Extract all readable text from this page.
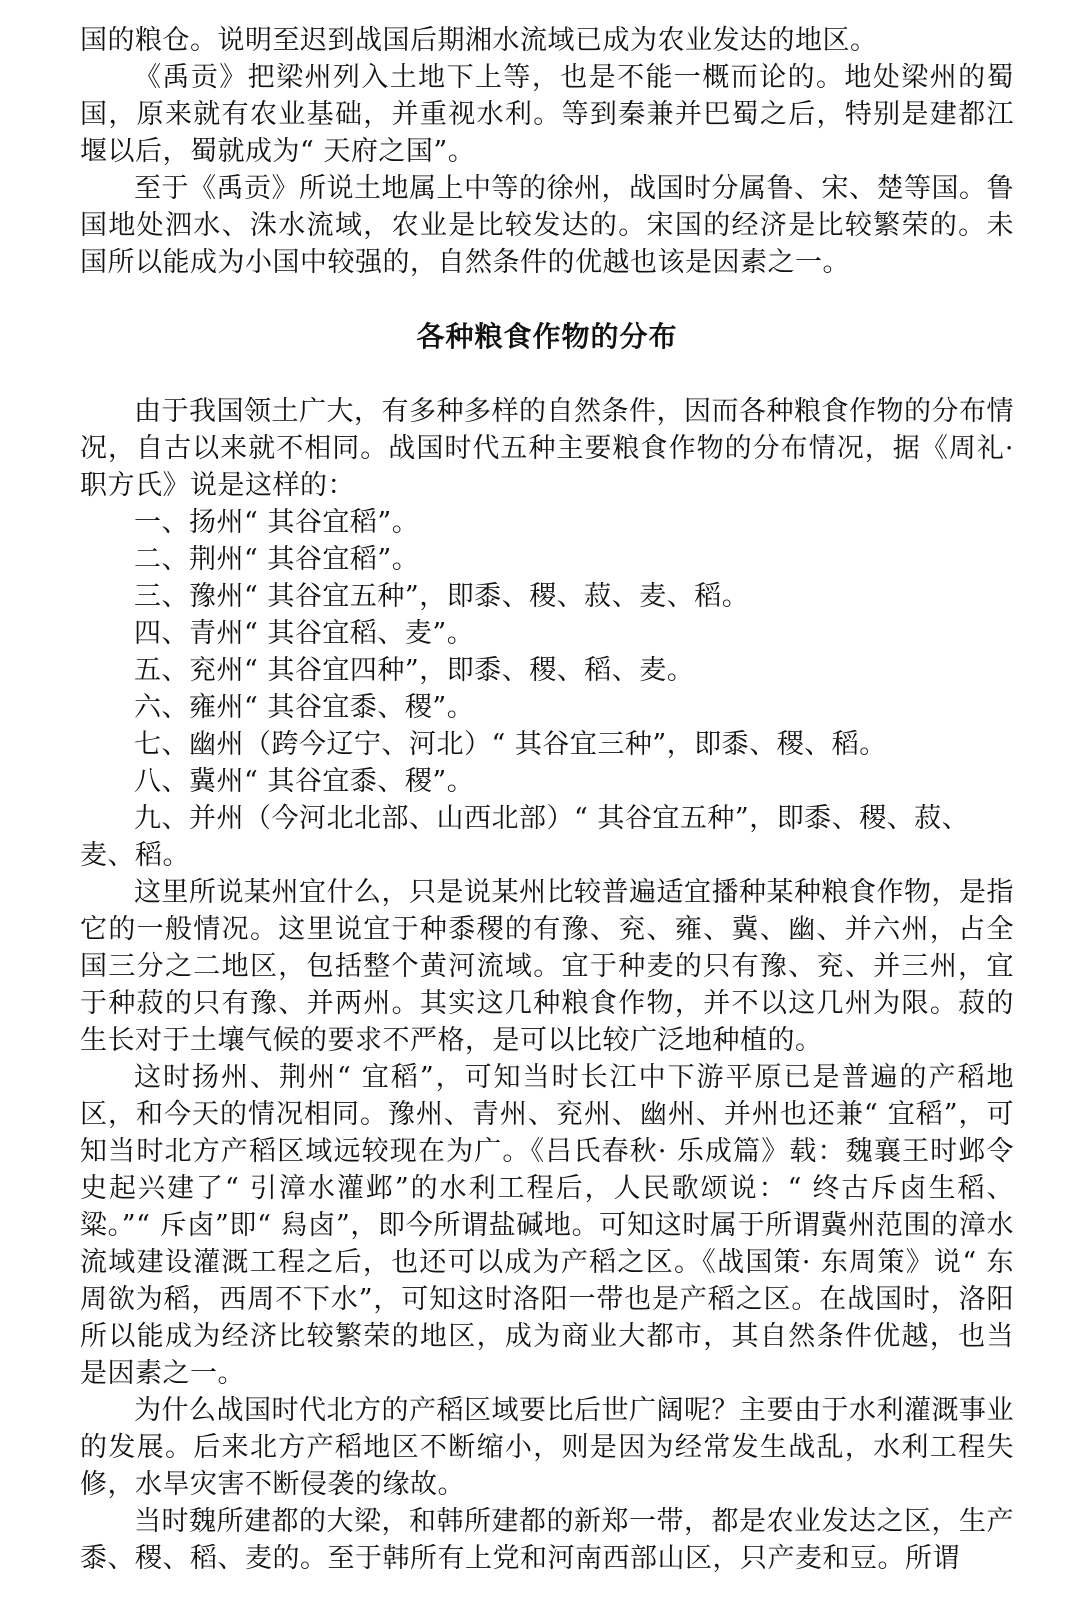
国的粮仓。说明至迟到战国后期湘水流域已成为农业发达的地区。

《禹贡》把梁州列入土地下上等，也是不能一概而论的。地处梁州的蜀国，原来就有农业基础，并重视水利。等到秦兼并巴蜀之后，特别是建都江堰以后，蜀就成为“ 天府之国”。

至于《禹贡》所说土地属上中等的徐州，战国时分属鲁、宋、楚等国。鲁国地处泗水、洙水流域，农业是比较发达的。宋国的经济是比较繁荣的。未国所以能成为小国中较强的，自然条件的优越也该是因素之一。

各种粮食作物的分布

由于我国领土广大，有多种多样的自然条件，因而各种粮食作物的分布情况，自古以来就不相同。战国时代五种主要粮食作物的分布情况，据《周礼· 职方氏》说是这样的：

一、扬州“ 其谷宜稻”。

二、荆州“ 其谷宜稻”。

三、豫州“ 其谷宜五种”，即黍、稷、菽、麦、稻。

四、青州“ 其谷宜稻、麦”。

五、兖州“ 其谷宜四种”，即黍、稷、稻、麦。

六、雍州“ 其谷宜黍、稷”。

七、幽州（跨今辽宁、河北）“ 其谷宜三种”，即黍、稷、稻。

八、冀州“ 其谷宜黍、稷”。

九、并州（今河北北部、山西北部）“ 其谷宜五种”，即黍、稷、菽、麦、稻。

这里所说某州宜什么，只是说某州比较普遍适宜播种某种粮食作物，是指它的一般情况。这里说宜于种黍稷的有豫、兖、雍、冀、幽、并六州，占全国三分之二地区，包括整个黄河流域。宜于种麦的只有豫、兖、并三州，宜于种菽的只有豫、并两州。其实这几种粮食作物，并不以这几州为限。菽的生长对于土壤气候的要求不严格，是可以比较广泛地种植的。

这时扬州、荆州“ 宜稻”，可知当时长江中下游平原已是普遍的产稻地区，和今天的情况相同。豫州、青州、兖州、幽州、并州也还兼“ 宜稻”，可知当时北方产稻区域远较现在为广。《吕氏春秋· 乐成篇》载：魏襄王时邺令史起兴建了“ 引漳水灌邺”的水利工程后，人民歌颂说：“ 终古斥卤生稻、粱。”“ 斥卤”即“ 舄卤”，即今所谓盐碱地。可知这时属于所谓冀州范围的漳水流域建设灌溉工程之后，也还可以成为产稻之区。《战国策· 东周策》说“ 东周欲为稻，西周不下水”，可知这时洛阳一带也是产稻之区。在战国时，洛阳所以能成为经济比较繁荣的地区，成为商业大都市，其自然条件优越，也当是因素之一。

为什么战国时代北方的产稻区域要比后世广阔呢？主要由于水利灌溉事业的发展。后来北方产稻地区不断缩小，则是因为经常发生战乱，水利工程失修，水旱灾害不断侵袭的缘故。

当时魏所建都的大梁，和韩所建都的新郑一带，都是农业发达之区，生产黍、稷、稻、麦的。至于韩所有上党和河南西部山区，只产麦和豆。所谓
